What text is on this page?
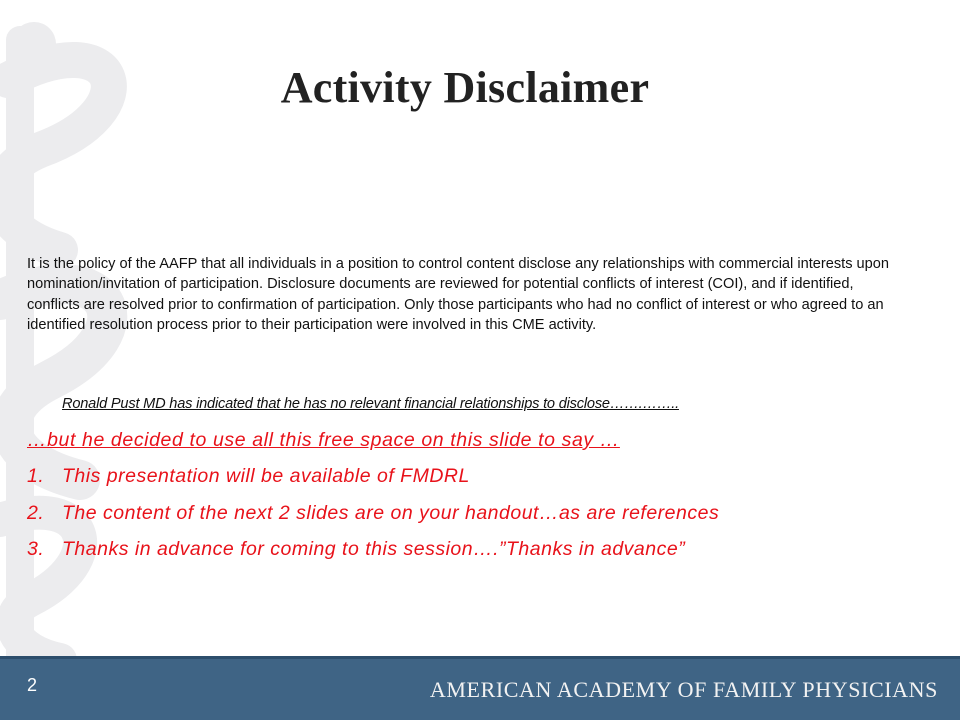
Activity Disclaimer

It is the policy of the AAFP that all individuals in a position to control content disclose any relationships with commercial interests upon nomination/invitation of participation. Disclosure documents are reviewed for potential conflicts of interest (COI), and if identified, conflicts are resolved prior to confirmation of participation. Only those participants who had no conflict of interest or who agreed to an identified resolution process prior to their participation were involved in this CME activity.

Ronald Pust MD has indicated that he has no relevant financial relationships to disclose…….……..
…but he decided to use all this free space on this slide to say …
1. This presentation will be available of FMDRL
2. The content of the next 2 slides are on your handout…as are references
3. Thanks in advance for coming to this session….”Thanks in advance”
2	AMERICAN ACADEMY OF FAMILY PHYSICIANS
